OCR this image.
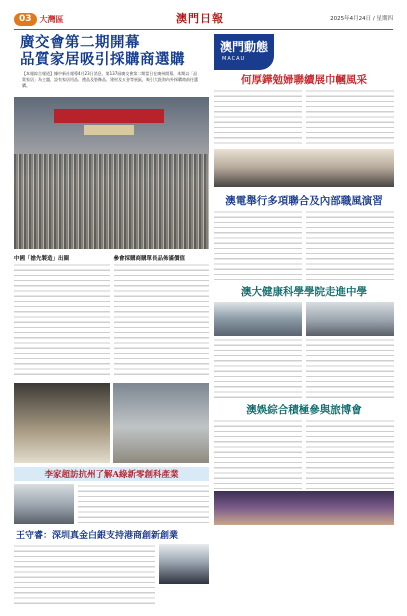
03	大灣區	澳門日報	2025年4月24日 / 星期四
廣交會第二期開幕
品質家居吸引採購商選購
【本報綜合報道】據中新社報導4月23日消息，第137屆廣交會第二期當日在廣州開幕，本期以「品質家居」為主題，設有家居用品、禮品及裝飾品、建材及五金等展區，吸引大批海內外採購商前往選購。
中國「搶先製造」出圈	參會採購商購單長品佈滿價值
李家超訪抗州了解A綠新零創科產業
王守睿：深圳真金白銀支持港商創新創業
澳門動態
MACAU
何厚鏵勉婦聯續展巾幗風采
澳電舉行多項聯合及內部職風演習
澳大健康科學學院走進中學
澳娛綜合積極參與旅博會
